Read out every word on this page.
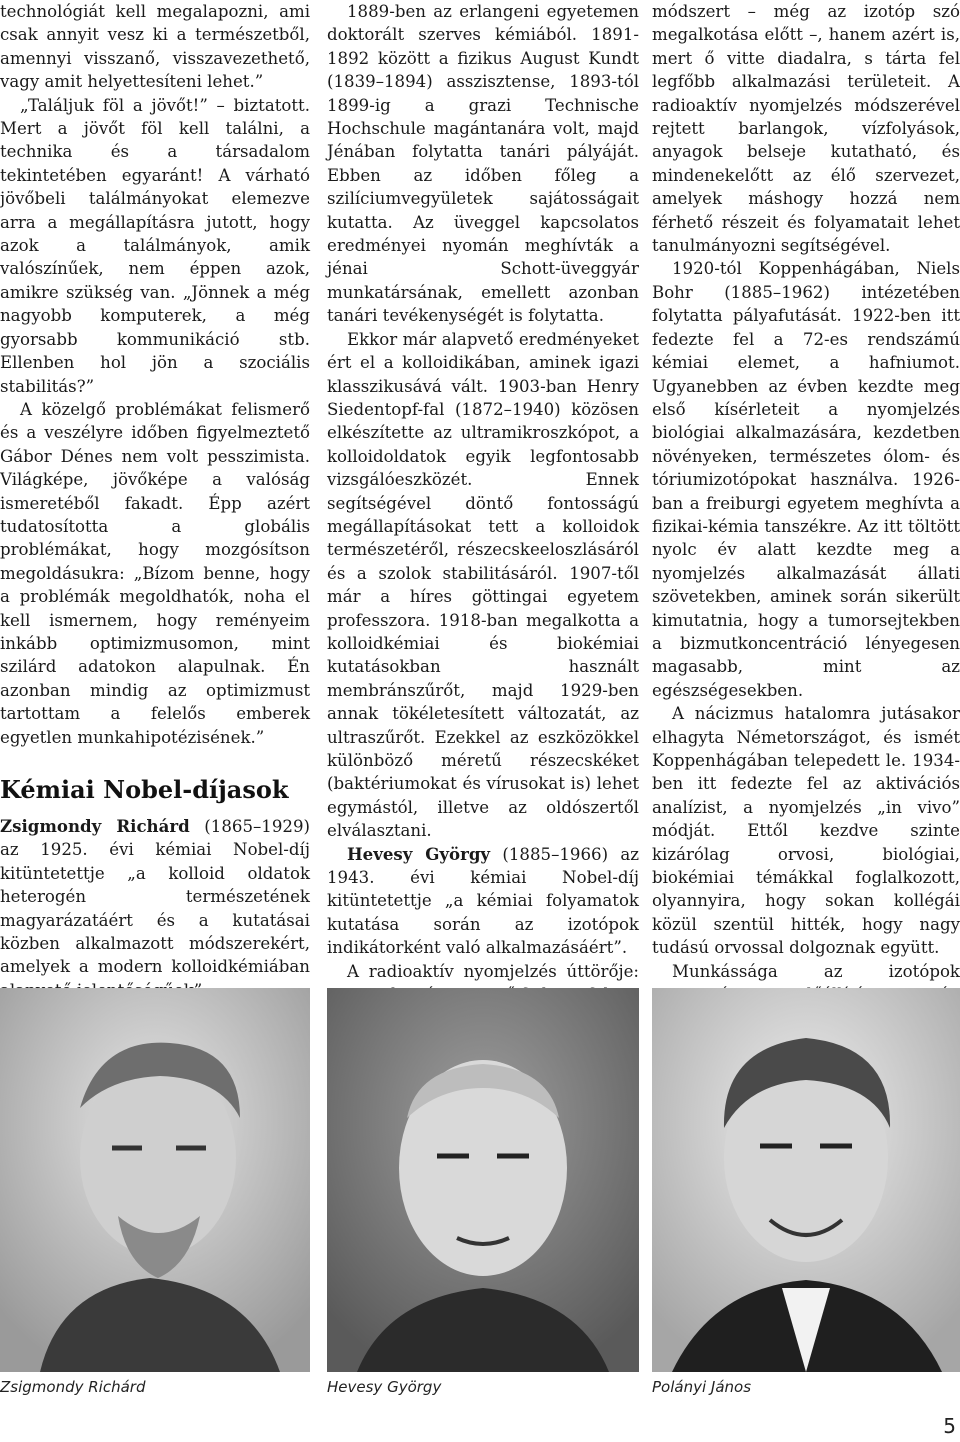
technológiát kell megalapozni, ami csak annyit vesz ki a természetből, amennyi visszanő, visszavezethető, vagy amit helyettesíteni lehet.”

„Találjuk föl a jövőt!” – biztatott. Mert a jövőt föl kell találni, a technika és a társadalom tekintetében egyaránt! A várható jövőbeli találmányokat elemezve arra a megállapításra jutott, hogy azok a találmányok, amik valószínűek, nem éppen azok, amikre szükség van. „Jönnek a még nagyobb komputerek, a még gyorsabb kommunikáció stb. Ellenben hol jön a szociális stabilitás?”

A közelgő problémákat felismerő és a veszélyre időben figyelmeztető Gábor Dénes nem volt pesszimista. Világképe, jövőképe a valóság ismeretéből fakadt. Épp azért tudatosította a globális problémákat, hogy mozgósítson megoldásukra: „Bízom benne, hogy a problémák megoldhatók, noha el kell ismernem, hogy reményeim inkább optimizmusomon, mint szilárd adatokon alapulnak. Én azonban mindig az optimizmust tartottam a felelős emberek egyetlen munkahipotézisének.”

Kémiai Nobel-díjasok

Zsigmondy Richárd (1865–1929) az 1925. évi kémiai Nobel-díj kitüntetettje „a kolloid oldatok heterogén természetének magyarázatáért és a kutatásai közben alkalmazott módszerekért, amelyek a modern kolloidkémiában

1889-ben az erlangeni egyetemen doktorált szerves kémiából. 1891-1892 között a fizikus August Kundt (1839–1894) asszisztense, 1893-tól 1899-ig a grazi Technische Hochschule magántanára volt, majd Jénában folytatta tanári pályáját. Ebben az időben főleg a szilíciumvegyületek sajátosságait kutatta. Az üveggel kapcsolatos eredményei nyomán meghívták a jénai Schott-üveggyár munkatársának, emellett azonban tanári tevékenységét is folytatta.

Ekkor már alapvető eredményeket ért el a kolloidikában, aminek igazi klasszikusává vált. 1903-ban Henry Siedentopf-fal (1872–1940) közösen elkészítette az ultramikroszkópot, a kolloidoldatok egyik legfontosabb vizsgálóeszközét. Ennek segítségével döntő fontosságú megállapításokat tett a kolloidok természetéről, részecskeeloszlásáról és a szolok stabilitásáról. 1907-től már a híres göttingai egyetem professzora. 1918-ban megalkotta a kolloidkémiai és biokémiai kutatásokban használt membránszűrőt, majd 1929-ben annak tökéletesített változatát, az ultraszűrőt. Ezekkel az eszközökkel különböző méretű részecskéket (baktériumokat és vírusokat is) lehet egymástól, illetve az oldószertől elválasztani.

Hevesy György (1885–1966) az 1943. évi kémiai Nobel-díj kitüntetettje „a kémiai folyamatok kutatása során az izotópok indikátorként való alkalmazásáért”.

A radioaktív nyomjelzés úttörője:

módszert – még az izotóp szó megalkotása előtt –, hanem azért is, mert ő vitte diadalra, s tárta fel legfőbb alkalmazási területeit. A radioaktív nyomjelzés módszerével rejtett barlangok, vízfolyások, anyagok belseje kutatható, és mindenekelőtt az élő szervezet, amelyek máshogy hozzá nem férhető részeit és folyamatait lehet tanulmányozni segítségével.

1920-tól Koppenhágában, Niels Bohr (1885–1962) intézetében folytatta pályafutását. 1922-ben itt fedezte fel a 72-es rendszámú kémiai elemet, a hafniumot. Ugyanebben az évben kezdte meg első kísérleteit a nyomjelzés biológiai alkalmazására, kezdetben növényeken, természetes ólom- és tóriumizotópokat használva. 1926-ban a freiburgi egyetem meghívta a fizikai-kémia tanszékre. Az itt töltött nyolc év alatt kezdte meg a nyomjelzés alkalmazását állati szövetekben, aminek során sikerült kimutatnia, hogy a tumorsejtekben a bizmutkoncentráció lényegesen magasabb, mint az egészségesekben.

A nácizmus hatalomra jutásakor elhagyta Németországot, és ismét Koppenhágában telepedett le. 1934-ben itt fedezte fel az aktivációs analízist, a nyomjelzés „in vivo” módját. Ettől kezdve szinte kizárólag orvosi, biológiai, biokémiai témákkal foglalkozott, olyannyira, hogy sokan kollégái közül szentül hitték, hogy nagy tudású orvossal dolgoznak együtt.

Munkássága az izotópok

Zsigmondy Richárd	Hevesy György	Polányi János
5
